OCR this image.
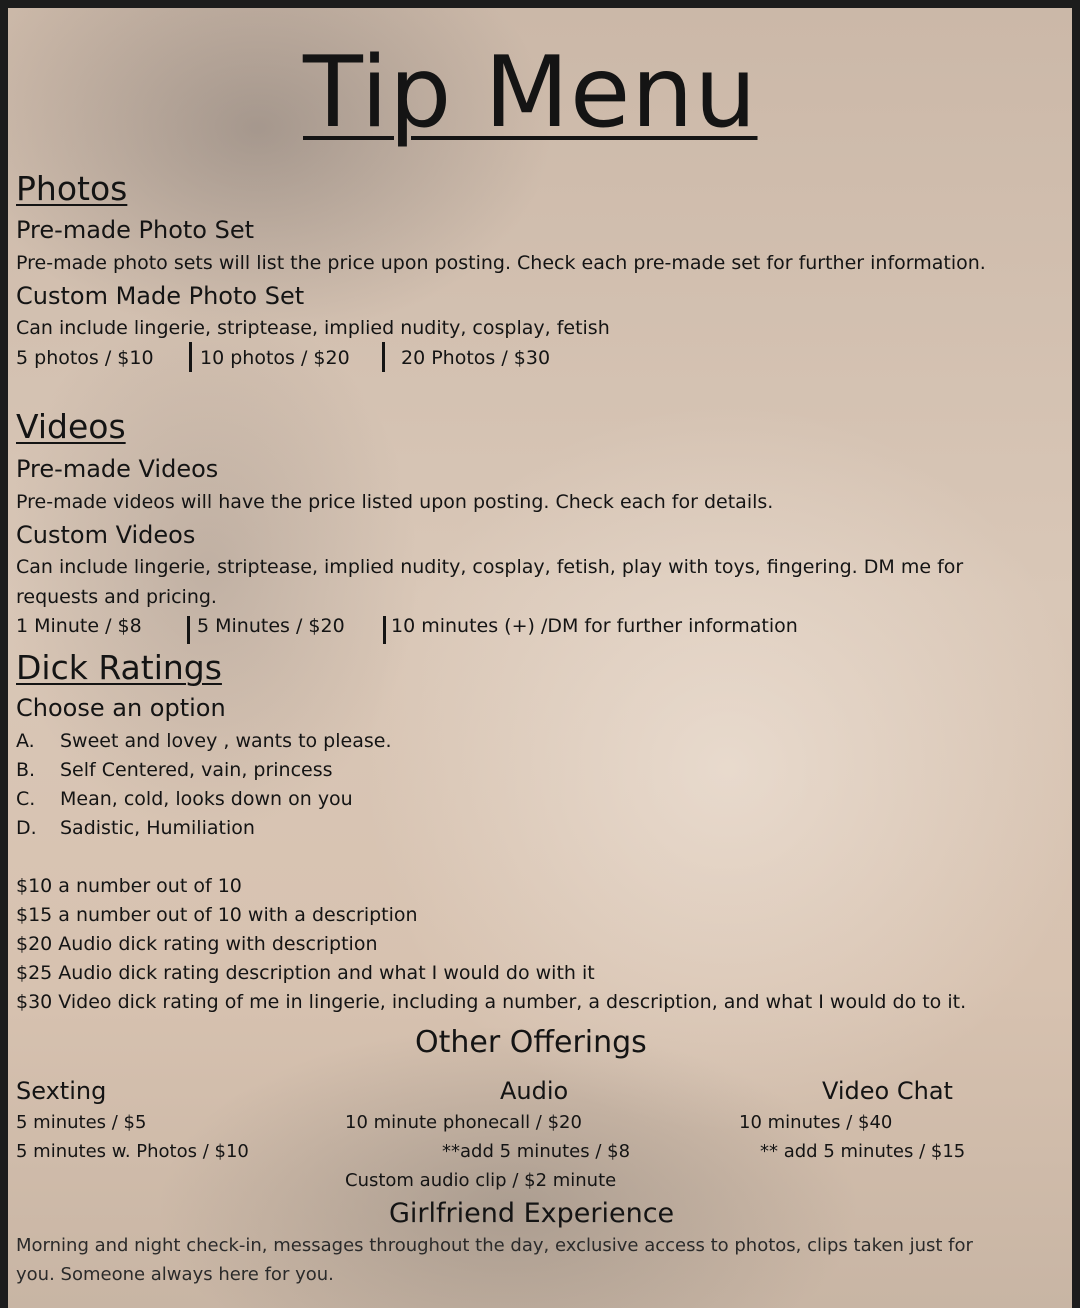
Tip Menu
Photos
Pre-made Photo Set
Pre-made photo sets will list the price upon posting. Check each pre-made set for further information.
Custom Made Photo Set
Can include lingerie, striptease, implied nudity, cosplay, fetish
5 photos / $10 10 photos / $20	20 Photos / $30
Videos
Pre-made Videos
Pre-made videos will have the price listed upon posting. Check each for details.
Custom Videos
Can include lingerie, striptease, implied nudity, cosplay, fetish, play with toys, fingering. DM me for
requests and pricing.
1 Minute / $8	5 Minutes / $20 10 minutes (+) /DM for further information
Dick Ratings
Choose an option
A. Sweet and lovey , wants to please.
B. Self Centered, vain, princess
C. Mean, cold, looks down on you
D. Sadistic, Humiliation
$10 a number out of 10
$15 a number out of 10 with a description
$20 Audio dick rating with description
$25 Audio dick rating description and what I would do with it
$30 Video dick rating of me in lingerie, including a number, a description, and what I would do to it.
Other Offerings
Sexting
5 minutes / $5
5 minutes w. Photos / $10
Audio
10 minute phonecall / $20
**add 5 minutes / $8
Custom audio clip / $2 minute
Video Chat
10 minutes / $40
** add 5 minutes / $15
Girlfriend Experience
Morning and night check-in, messages throughout the day, exclusive access to photos, clips taken just for
you. Someone always here for you.
